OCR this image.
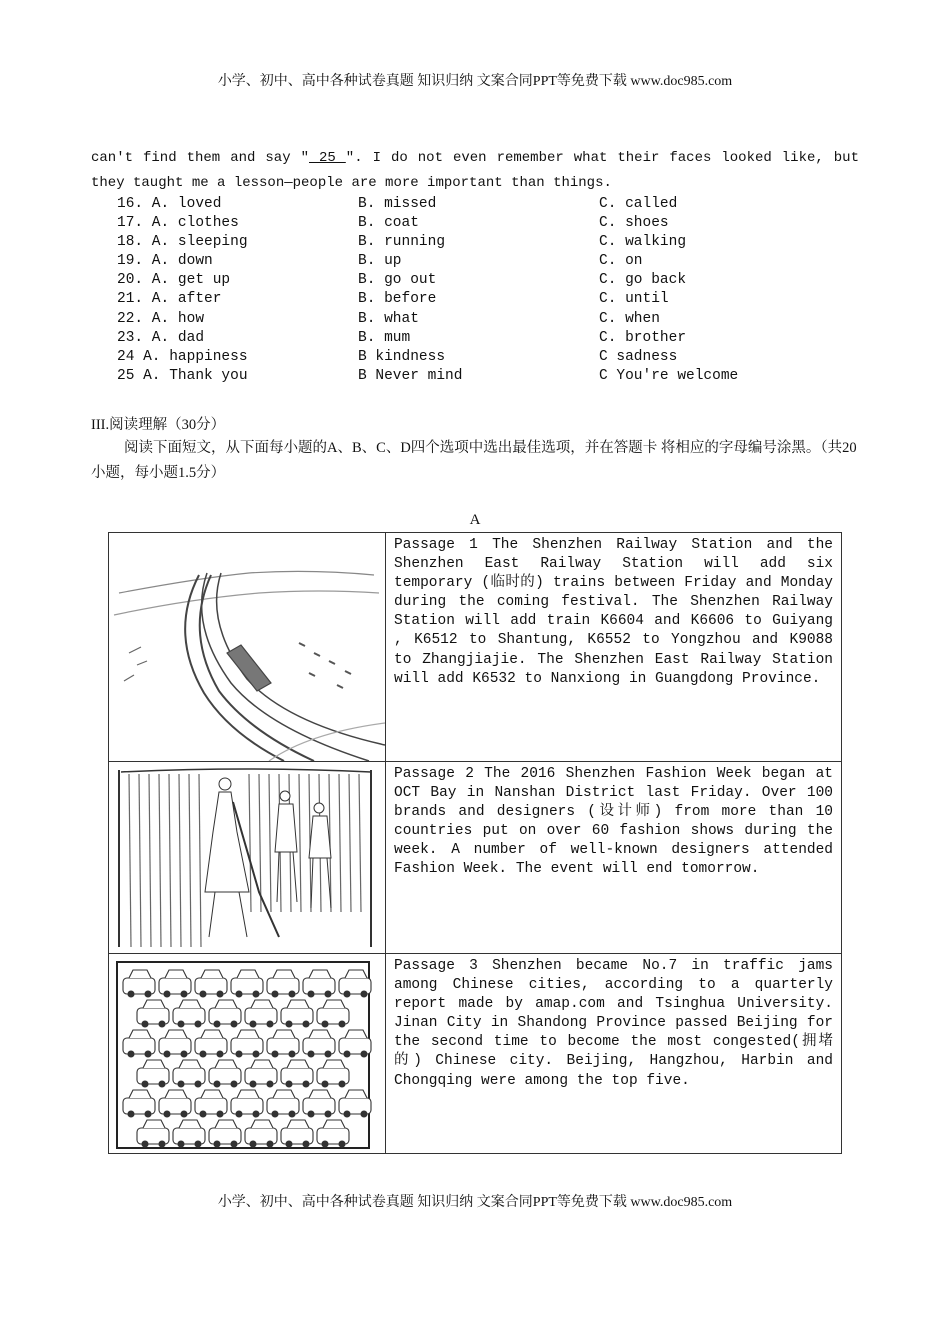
小学、初中、高中各种试卷真题 知识归纳 文案合同PPT等免费下载 www.doc985.com
can't find them and say " 25 ". I do not even remember what their faces looked like, but they taught me a lesson—people are more important than things.
16. A. loved	B. missed	C. called
17. A. clothes	B. coat	C. shoes
18. A. sleeping	B. running	C. walking
19. A. down	B. up	C. on
20. A. get up	B. go out	C. go back
21. A. after	B. before	C. until
22. A. how	B. what	C. when
23. A. dad	B. mum	C. brother
24 A. happiness	B kindness	C sadness
25 A. Thank you	B Never mind	C You're welcome
III.阅读理解（30分）
阅读下面短文，从下面每小题的A、B、C、D四个选项中选出最佳选项，并在答题卡 将相应的字母编号涂黑。（共20小题，每小题1.5分）
A
	Passage 1 The Shenzhen Railway Station and the Shenzhen East Railway Station will add six temporary (临时的) trains between Friday and Monday during the coming festival. The Shenzhen Railway Station will add train K6604 and K6606 to Guiyang , K6512 to Shantung, K6552 to Yongzhou and K9088 to Zhangjiajie. The Shenzhen East Railway Station will add K6532 to Nanxiong in Guangdong Province.

	Passage 2 The 2016 Shenzhen Fashion Week began at OCT Bay in Nanshan District last Friday. Over 100 brands and designers (设计师) from more than 10 countries put on over 60 fashion shows during the week. A number of well-known designers attended Fashion Week. The event will end tomorrow.

	Passage 3 Shenzhen became No.7 in traffic jams among Chinese cities, according to a quarterly report made by amap.com and Tsinghua University. Jinan City in Shandong Province passed Beijing for the second time to become the most congested(拥堵 的) Chinese city. Beijing, Hangzhou, Harbin and Chongqing were among the top five.
小学、初中、高中各种试卷真题 知识归纳 文案合同PPT等免费下载 www.doc985.com
